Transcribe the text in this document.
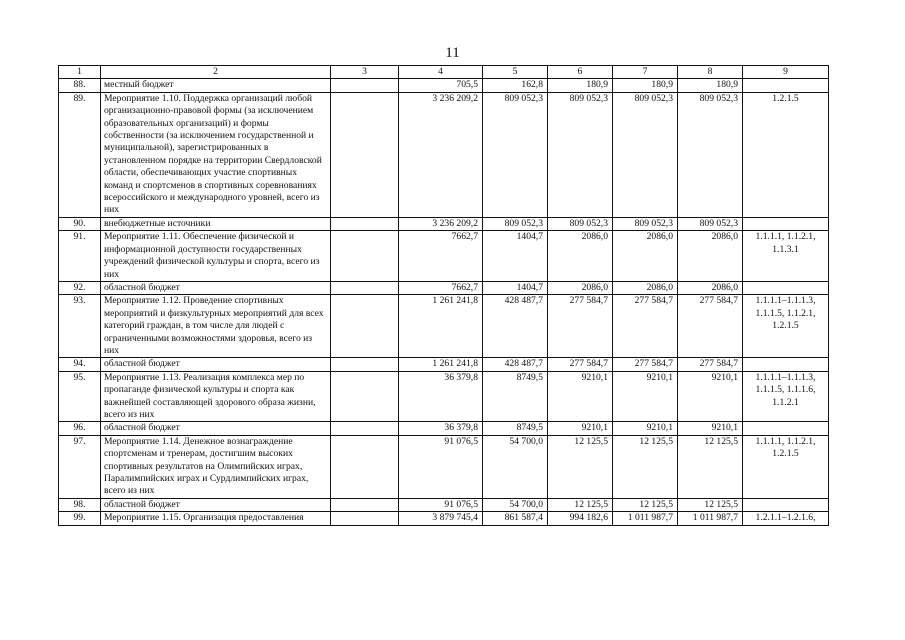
11
1	2	3	4	5	6	7	8	9
88.	местный бюджет		705,5	162,8	180,9	180,9	180,9	
89.	Мероприятие 1.10. Поддержка организаций любой организационно-правовой формы (за исключением образовательных организаций) и формы собственности (за исключением государственной и муниципальной), зарегистрированных в установленном порядке на территории Свердловской области, обеспечивающих участие спортивных команд и спортсменов в спортивных соревнованиях всероссийского и международного уровней, всего из них		3 236 209,2	809 052,3	809 052,3	809 052,3	809 052,3	1.2.1.5
90.	внебюджетные источники		3 236 209,2	809 052,3	809 052,3	809 052,3	809 052,3	
91.	Мероприятие 1.11. Обеспечение физической и информационной доступности государственных учреждений физической культуры и спорта, всего из них		7662,7	1404,7	2086,0	2086,0	2086,0	1.1.1.1, 1.1.2.1, 1.1.3.1
92.	областной бюджет		7662,7	1404,7	2086,0	2086,0	2086,0	
93.	Мероприятие 1.12. Проведение спортивных мероприятий и физкультурных мероприятий для всех категорий граждан, в том числе для людей с ограниченными возможностями здоровья, всего из них		1 261 241,8	428 487,7	277 584,7	277 584,7	277 584,7	1.1.1.1–1.1.1.3, 1.1.1.5, 1.1.2.1, 1.2.1.5
94.	областной бюджет		1 261 241,8	428 487,7	277 584,7	277 584,7	277 584,7	
95.	Мероприятие 1.13. Реализация комплекса мер по пропаганде физической культуры и спорта как важнейшей составляющей здорового образа жизни, всего из них		36 379,8	8749,5	9210,1	9210,1	9210,1	1.1.1.1–1.1.1.3, 1.1.1.5, 1.1.1.6, 1.1.2.1
96.	областной бюджет		36 379,8	8749,5	9210,1	9210,1	9210,1	
97.	Мероприятие 1.14. Денежное вознаграждение спортсменам и тренерам, достигшим высоких спортивных результатов на Олимпийских играх, Паралимпийских играх и Сурдлимпийских играх, всего из них		91 076,5	54 700,0	12 125,5	12 125,5	12 125,5	1.1.1.1, 1.1.2.1, 1.2.1.5
98.	областной бюджет		91 076,5	54 700,0	12 125,5	12 125,5	12 125,5	
99.	Мероприятие 1.15. Организация предоставления		3 879 745,4	861 587,4	994 182,6	1 011 987,7	1 011 987,7	1.2.1.1–1.2.1.6,
